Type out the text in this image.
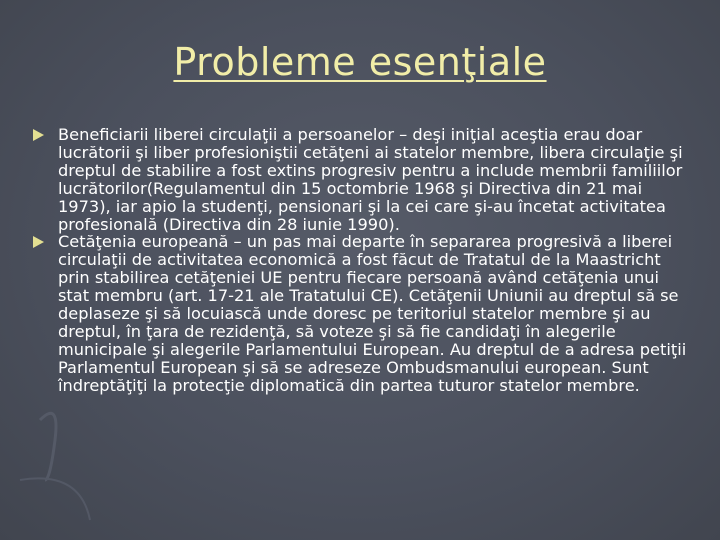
Probleme esenţiale
Beneficiarii liberei circulaţii a persoanelor – deşi iniţial aceştia erau doar lucrătorii şi liber profesioniştii cetăţeni ai statelor membre, libera circulaţie şi dreptul de stabilire a fost extins progresiv pentru a include membrii familiilor lucrătorilor(Regulamentul din 15 octombrie 1968 şi Directiva din 21 mai 1973), iar apio la studenţi, pensionari şi la cei care şi-au încetat activitatea profesională (Directiva din 28 iunie 1990).
Cetăţenia europeană – un pas mai departe în separarea progresivă a liberei circulaţii de activitatea economică a fost făcut de Tratatul de la Maastricht prin stabilirea cetăţeniei UE pentru fiecare persoană având cetăţenia unui stat membru (art. 17-21 ale Tratatului CE). Cetăţenii Uniunii au dreptul să se deplaseze şi să locuiască unde doresc pe teritoriul statelor membre şi au dreptul, în ţara de rezidenţă, să voteze şi să fie candidaţi în alegerile municipale şi alegerile Parlamentului European. Au dreptul de a adresa petiţii Parlamentul European şi să se adreseze Ombudsmanului european. Sunt îndreptăţiţi la protecţie diplomatică din partea tuturor statelor membre.
